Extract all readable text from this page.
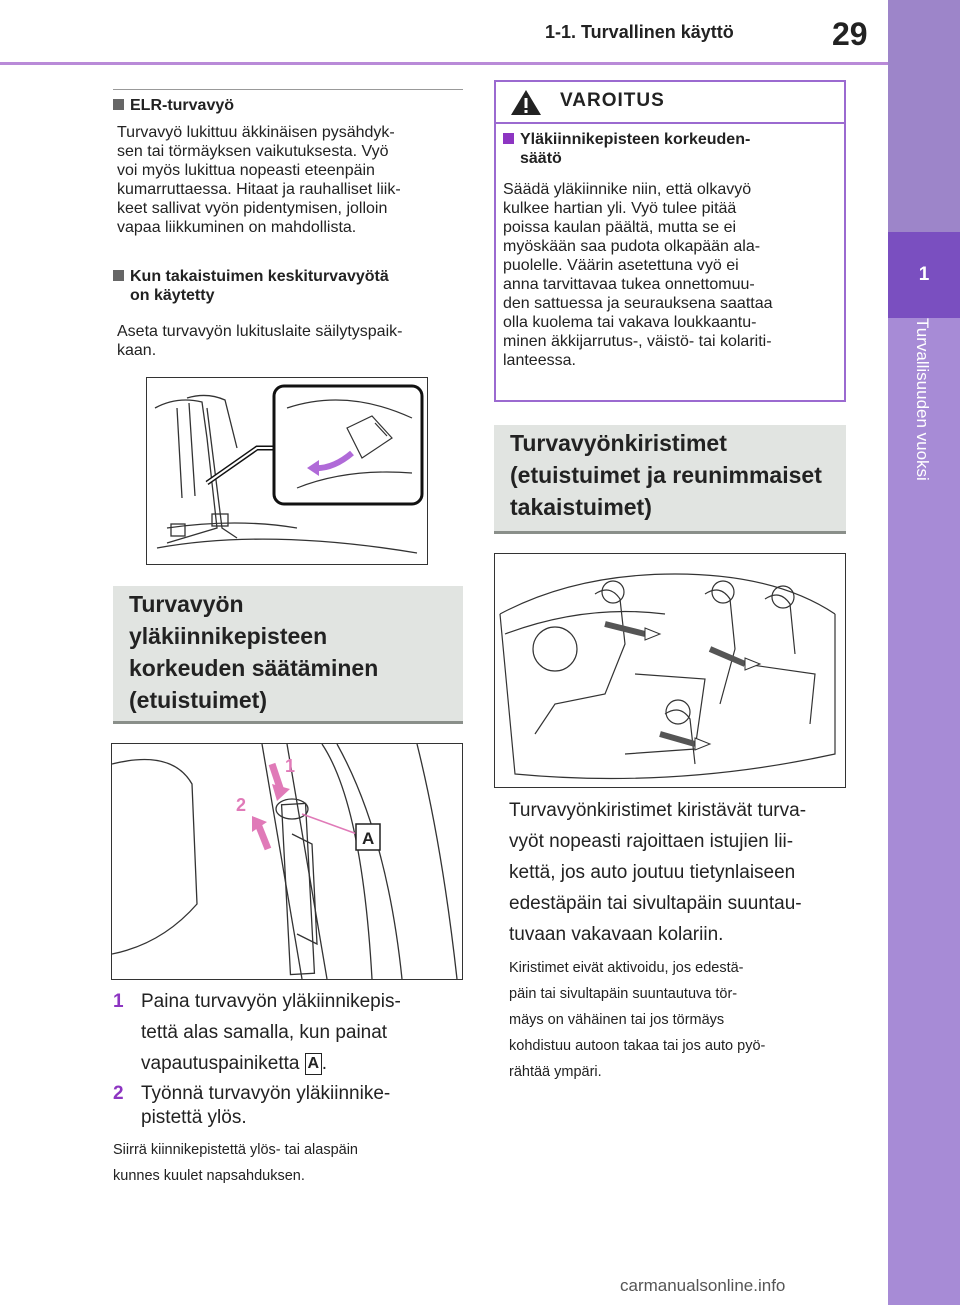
1-1. Turvallinen käyttö	29
1
Turvallisuuden vuoksi
ELR-turvavyö
Turvavyö lukittuu äkkinäisen pysähdyk-
sen tai törmäyksen vaikutuksesta. Vyö
voi myös lukittua nopeasti eteenpäin
kumarruttaessa. Hitaat ja rauhalliset liik-
keet sallivat vyön pidentymisen, jolloin
vapaa liikkuminen on mahdollista.
Kun takaistuimen keskiturvavyötä
on käytetty
Aseta turvavyön lukituslaite säilytyspaik-
kaan.
Turvavyön
yläkiinnikepisteen
korkeuden säätäminen
(etuistuimet)
1
2
A
1 Paina turvavyön yläkiinnikepis-
tettä alas samalla, kun painat
vapautuspainiketta A .
2 Työnnä turvavyön yläkiinnike-
pistettä ylös.
Siirrä kiinnikepistettä ylös- tai alaspäin
kunnes kuulet napsahduksen.
VAROITUS
Yläkiinnikepisteen korkeuden-
säätö
Säädä yläkiinnike niin, että olkavyö
kulkee hartian yli. Vyö tulee pitää
poissa kaulan päältä, mutta se ei
myöskään saa pudota olkapään ala-
puolelle. Väärin asetettuna vyö ei
anna tarvittavaa tukea onnettomuu-
den sattuessa ja seurauksena saattaa
olla kuolema tai vakava loukkaantu-
minen äkkijarrutus-, väistö- tai kolariti-
lanteessa.
Turvavyönkiristimet
(etuistuimet ja reunimmaiset
takaistuimet)
Turvavyönkiristimet kiristävät turva-
vyöt nopeasti rajoittaen istujien lii-
kettä, jos auto joutuu tietynlaiseen
edestäpäin tai sivultapäin suuntau-
tuvaan vakavaan kolariin.
Kiristimet eivät aktivoidu, jos edestä-
päin tai sivultapäin suuntautuva tör-
mäys on vähäinen tai jos törmäys
kohdistuu autoon takaa tai jos auto pyö-
rähtää ympäri.
carmanualsonline.info
